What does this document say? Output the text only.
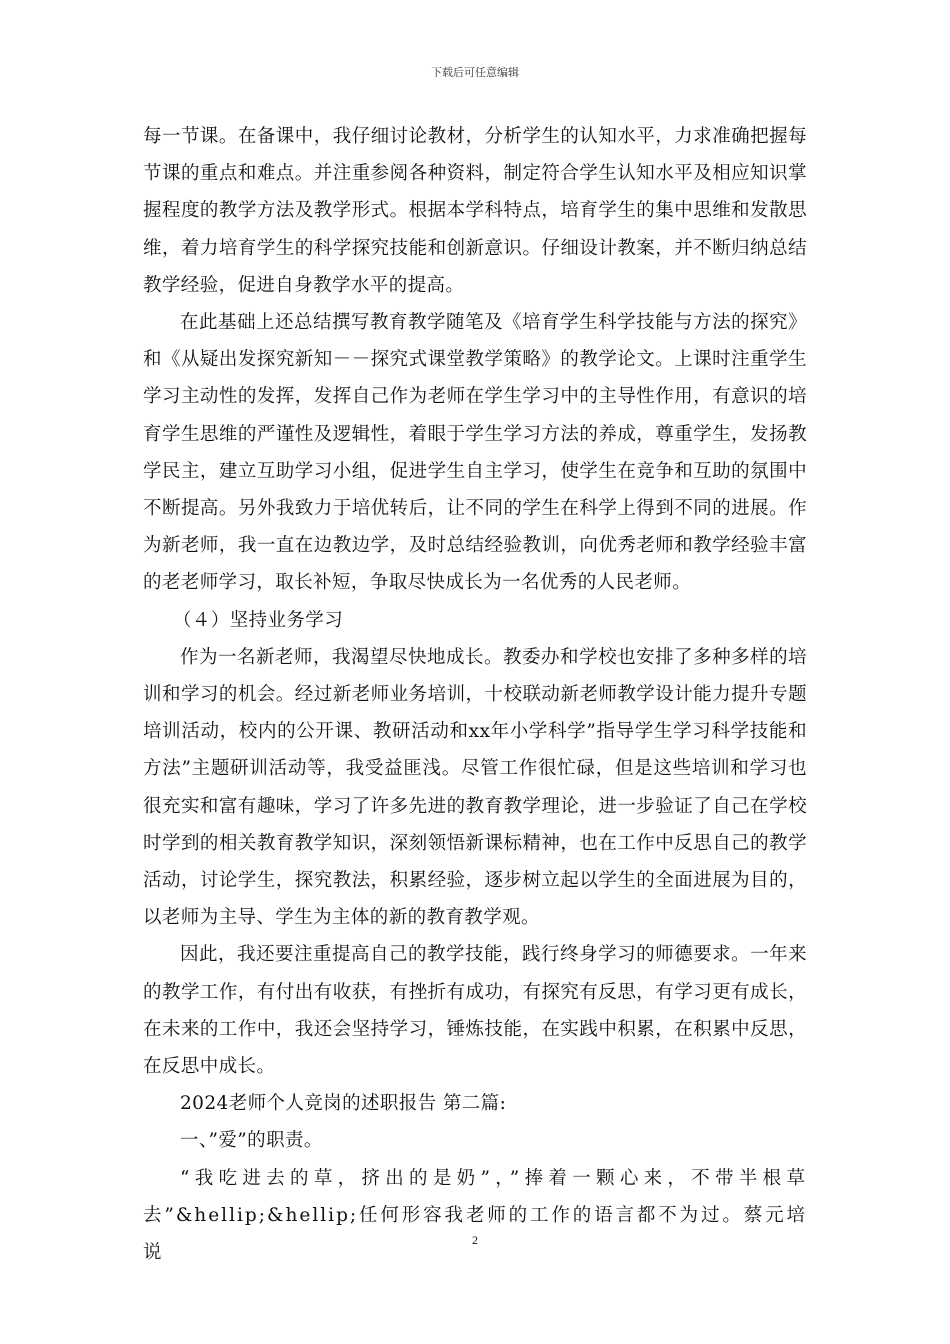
下载后可任意编辑

每一节课。在备课中，我仔细讨论教材，分析学生的认知水平，力求准确把握每节课的重点和难点。并注重参阅各种资料，制定符合学生认知水平及相应知识掌握程度的教学方法及教学形式。根据本学科特点，培育学生的集中思维和发散思维，着力培育学生的科学探究技能和创新意识。仔细设计教案，并不断归纳总结教学经验，促进自身教学水平的提高。

在此基础上还总结撰写教育教学随笔及《培育学生科学技能与方法的探究》和《从疑出发探究新知－－探究式课堂教学策略》的教学论文。上课时注重学生学习主动性的发挥，发挥自己作为老师在学生学习中的主导性作用，有意识的培育学生思维的严谨性及逻辑性，着眼于学生学习方法的养成，尊重学生，发扬教学民主，建立互助学习小组，促进学生自主学习，使学生在竞争和互助的氛围中不断提高。另外我致力于培优转后，让不同的学生在科学上得到不同的进展。作为新老师，我一直在边教边学，及时总结经验教训，向优秀老师和教学经验丰富的老老师学习，取长补短，争取尽快成长为一名优秀的人民老师。

（４）坚持业务学习

作为一名新老师，我渴望尽快地成长。教委办和学校也安排了多种多样的培训和学习的机会。经过新老师业务培训，十校联动新老师教学设计能力提升专题培训活动，校内的公开课、教研活动和xx年小学科学”指导学生学习科学技能和方法”主题研训活动等，我受益匪浅。尽管工作很忙碌，但是这些培训和学习也很充实和富有趣味，学习了许多先进的教育教学理论，进一步验证了自己在学校时学到的相关教育教学知识，深刻领悟新课标精神，也在工作中反思自己的教学活动，讨论学生，探究教法，积累经验，逐步树立起以学生的全面进展为目的，以老师为主导、学生为主体的新的教育教学观。

因此，我还要注重提高自己的教学技能，践行终身学习的师德要求。一年来的教学工作，有付出有收获，有挫折有成功，有探究有反思，有学习更有成长，在未来的工作中，我还会坚持学习，锤炼技能，在实践中积累，在积累中反思，在反思中成长。

2024老师个人竞岗的述职报告 第二篇:

一、”爱”的职责。

“我吃进去的草，挤出的是奶”，”捧着一颗心来，不带半根草去”&hellip;&hellip;任何形容我老师的工作的语言都不为过。蔡元培说

2
